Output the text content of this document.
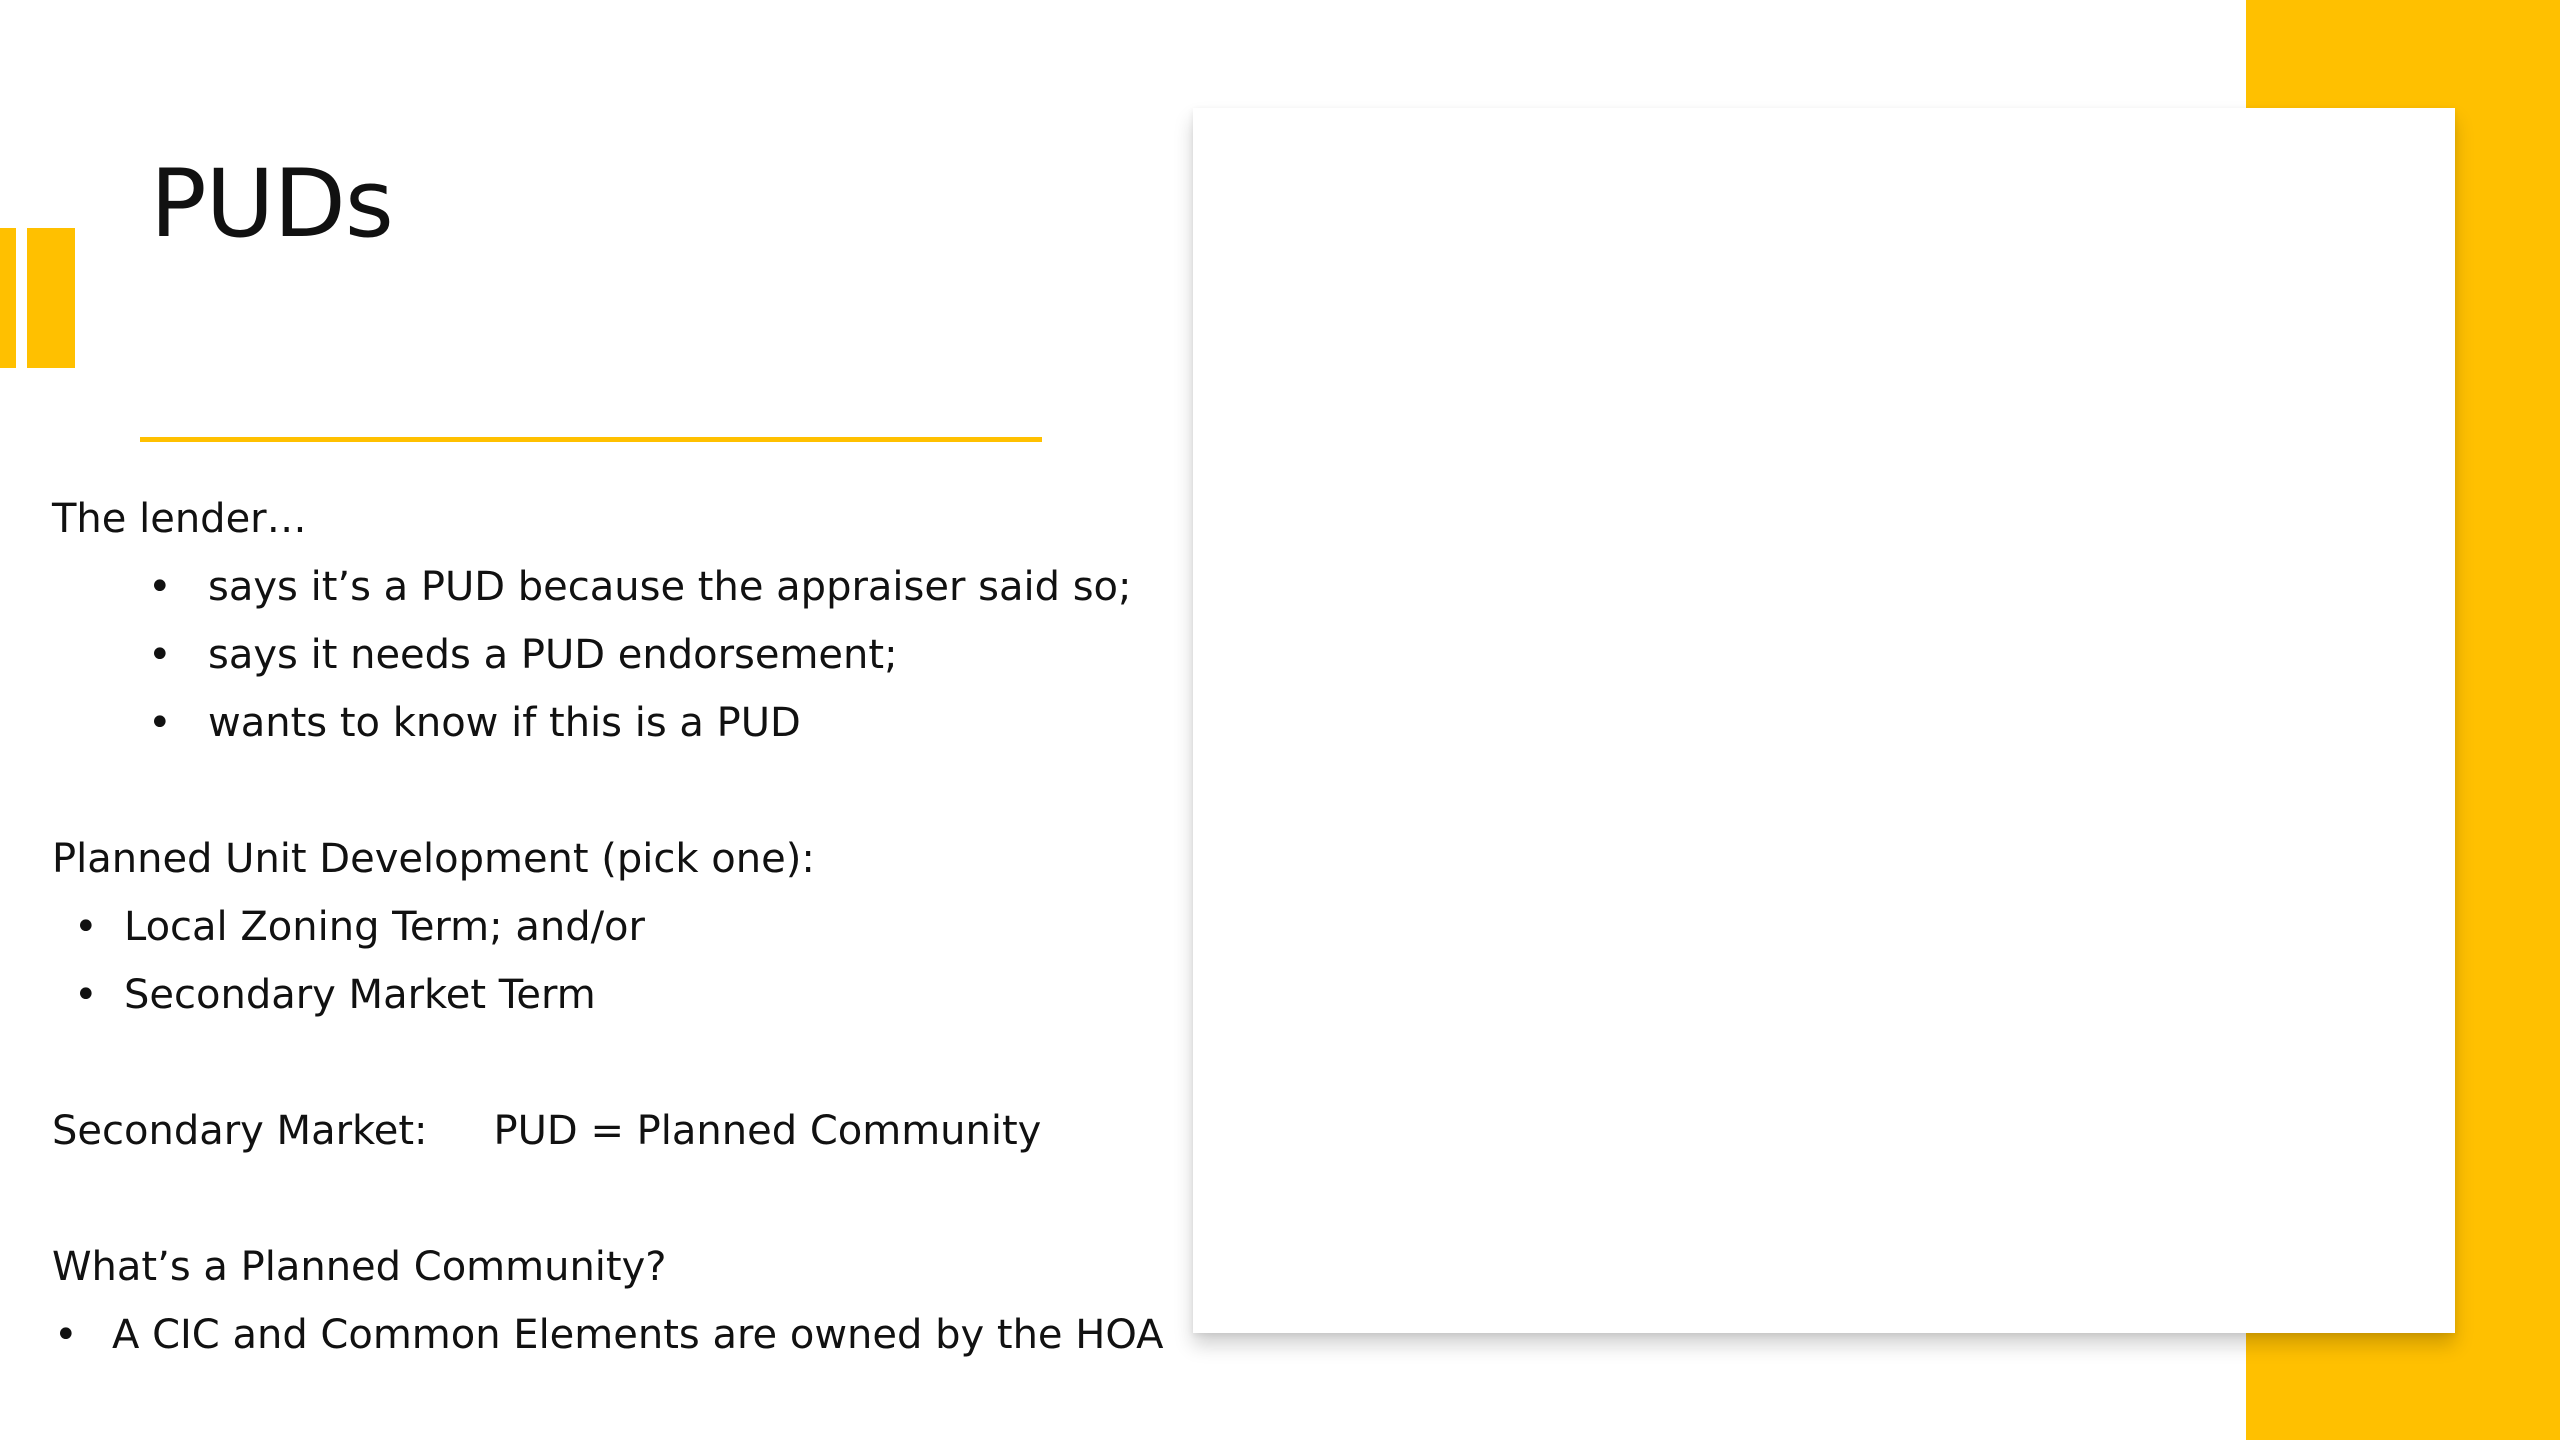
PUDs

The lender…

• says it’s a PUD because the appraiser said so;
• says it needs a PUD endorsement;
• wants to know if this is a PUD

Planned Unit Development (pick one):

• Local Zoning Term; and/or
• Secondary Market Term

Secondary Market: PUD = Planned Community

What’s a Planned Community?

• A CIC and Common Elements are owned by the HOA
